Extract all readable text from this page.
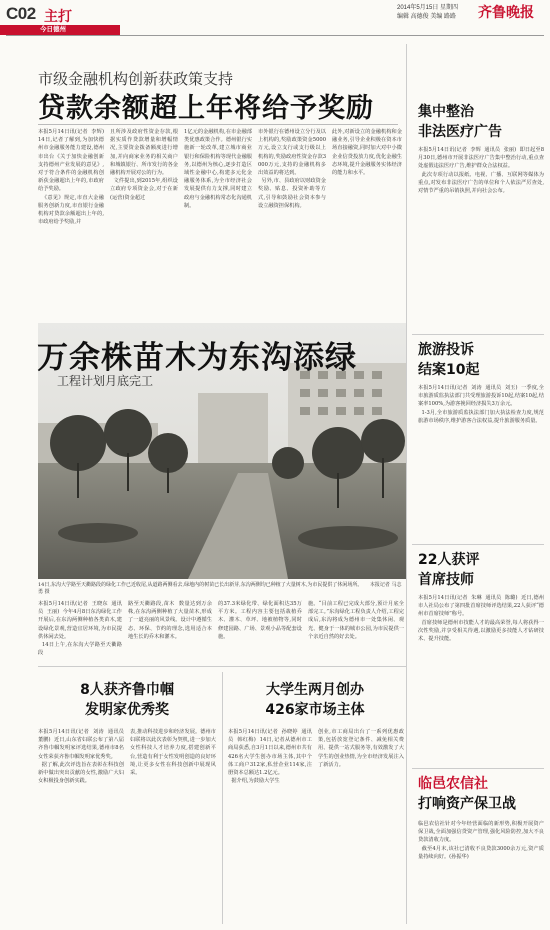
C02 主打
今日德州
2014年5月15日 星期四
编辑 高德俊 美编 路路 齐鲁晚报
市级金融机构创新获政策支持
贷款余额超上年将给予奖励
本报5月14日讯(记者  李辉)  14日,记者了解到,为加快德州市金融服务能力建设,德州市出台《关于加快金融创新支持德州产业发展的意见》,对于符合条件的金融机构创新获金融超出上年的,市政府给予奖励。
《意见》规定,市直大金融服务创新力度,市直银行金融机构对贷款余额超出上年的,市政府给予奖励,并
且所涉及政府性资金存款,根据实质作贷款增量和增幅情况,主要资金拨备额度进行增加,并向商家业务的相关商户和城镇银行、所市发行的各金融机构开展对公的行为。
文件提出,到2015年,组织设立政府专项资金会,对于在新(运营)资金超过
1亿元的金融机构,在市金融部类优惠政策合作。德州银行实施新一轮改革,建立城市商业银行和保险机构等现代金融服务,以德州为核心,逐步打造区域性金融中心,构建多元化金融服务体系,为全市经济社会发展提供有力支撑,同时建立政府与金融机构常态化沟通机制。
市外银行在德州设立分行及以上机构的,奖励政策资金5000万元,设立支行或支行级以上机构的,奖励政府性资金存款3000万元,支持的金融机构多出效益的将达到。
另外,市、县政府以财政资金奖励、贴息、投资补助等方式,引导和鼓励社会资本参与设立融资担保机构。
此外,对新设立的金融机构和金融业务,引导企业积极在资本市场直接融资,同时加大对中小微企业信贷投放力度,优化金融生态环境,提升金融服务实体经济的能力和水平。
万余株苗木为东沟添绿
工程计划月底完工
14日,东沟大学路至天衢路段的绿化工作已近收尾,从道路两侧看去,绿地内的树苗已长出新芽,东沟两侧均已种植了大量树木,为市民提供了休闲场所。 本报记者 马志勇 摄
本报5月14日讯(记者  王晓东  通讯员  王丽)  今年4月8日东沟绿化工作开展后,在东沟两侧种植各类苗木,建设绿化景观,营造宜居环境,为市民提供休闲去处。
14日上午,在东沟大学路至天衢路段
路至天衢路段,苗木  数量达到万余株,在东沟两侧种植了大量苗木,形成了一道亮丽的风景线。设计中遵循生态、环保、节约的理念,选用适合本地生长的乔木和灌木。
的37.3米绿化带、绿化面积达35万平方米。工程内容主要包括栽植乔木、灌木、草坪、地被植物等,同时修建园路、广场、景观小品等配套设施。
施。“目前工程已完成大部分,预计月底全部完工。”东沟绿化工程负责人介绍,工程完成后,东沟将成为德州市一处集休闲、观光、健身于一体的城市公园,为市民提供一个亲近自然的好去处。
8人获齐鲁巾帼
发明家优秀奖
本报5月14日讯(记者  刘涛  通讯员  董鹏)  近日,山东省妇联公布了第八届齐鲁巾帼发明家评选结果,德州市8名女性荣获齐鲁巾帼发明家优秀奖。
据了解,此次评选旨在表彰在科技创新中做出突出贡献的女性,激励广大妇女积极投身创新实践。
表,推动科技进步和经济发展。德州市妇联将以此次表彰为契机,进一步加大女性科技人才培养力度,搭建创新平台,营造有利于女性发明创造的良好环境,让更多女性在科技创新中展现风采。
大学生两月创办
426家市场主体
本报5月14日讯(记者  孙晓婷  通讯员  韩红梅)  14日,记者从德州市工商局获悉,自3月1日以来,德州市共有426名大学生创办市场主体,其中个体工商户312家,私营企业114家,注册资本总额达1.2亿元。
据介绍,为鼓励大学生
创业,市工商局出台了一系列优惠政策,包括放宽登记条件、减免相关费用、提供一站式服务等,有效激发了大学生的创业热情,为全市经济发展注入了新活力。
集中整治
非法医疗广告
本报5月14日讯(记者  李辉  通讯员  张丽)  即日起至8月30日,德州市开展非法医疗广告集中整治行动,重点查处虚假违法医疗广告,维护群众合法权益。
此次专项行动以报纸、电视、广播、互联网等媒体为重点,对发布非法医疗广告的单位和个人依法严厉查处,对情节严重的吊销执照,并向社会公布。
旅游投诉
结案10起
本报5月14日讯(记者  刘涛  通讯员  刘玉)  一季度,全市旅游质监执法部门共受理旅游投诉10起,结案10起,结案率100%,为游客挽回经济损失3万余元。
1-3月,全市旅游质监执法部门加大执法检查力度,规范旅游市场秩序,维护游客合法权益,提升旅游服务质量。
22人获评
首席技师
本报5月14日讯(记者  朱琳  通讯员  陈璐)  近日,德州市人社局公布了第四批首席技师评选结果,22人获评“德州市首席技师”称号。
首席技师是德州市技能人才的最高荣誉,每人将获得一次性奖励,并享受相关待遇,以激励更多技能人才钻研技术、提升技能。
临邑农信社
打响资产保卫战
临邑农信社针对今年经营面临的新形势,积极开展资产保卫战,全面加强信贷资产管理,强化风险防控,加大不良贷款清收力度。
截至4月末,该社已清收不良贷款3000余万元,资产质量持续向好。(孙振华)
